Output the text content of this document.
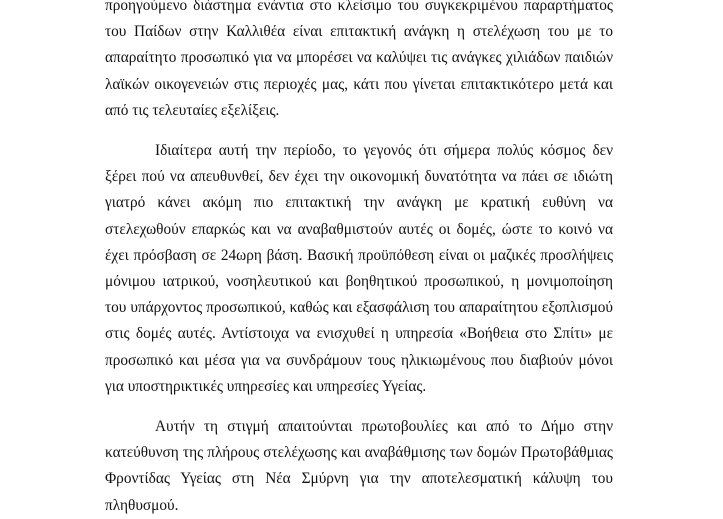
προηγούμενο διάστημα ενάντια στο κλείσιμο του συγκεκριμένου παραρτήματος του Παίδων στην Καλλιθέα είναι επιτακτική ανάγκη η στελέχωση του με το απαραίτητο προσωπικό για να μπορέσει να καλύψει τις ανάγκες χιλιάδων παιδιών λαϊκών οικογενειών στις περιοχές μας, κάτι που γίνεται επιτακτικότερο μετά και από τις τελευταίες εξελίξεις.

Ιδιαίτερα αυτή την περίοδο, το γεγονός ότι σήμερα πολύς κόσμος δεν ξέρει πού να απευθυνθεί, δεν έχει την οικονομική δυνατότητα να πάει σε ιδιώτη γιατρό κάνει ακόμη πιο επιτακτική την ανάγκη με κρατική ευθύνη να στελεχωθούν επαρκώς και να αναβαθμιστούν αυτές οι δομές, ώστε το κοινό να έχει πρόσβαση σε 24ωρη βάση. Βασική προϋπόθεση είναι οι μαζικές προσλήψεις μόνιμου ιατρικού, νοσηλευτικού και βοηθητικού προσωπικού, η μονιμοποίηση του υπάρχοντος προσωπικού, καθώς και εξασφάλιση του απαραίτητου εξοπλισμού στις δομές αυτές. Αντίστοιχα να ενισχυθεί η υπηρεσία «Βοήθεια στο Σπίτι» με προσωπικό και μέσα για να συνδράμουν τους ηλικιωμένους που διαβιούν μόνοι για υποστηρικτικές υπηρεσίες και υπηρεσίες Υγείας.

Αυτήν τη στιγμή απαιτούνται πρωτοβουλίες και από το Δήμο στην κατεύθυνση της πλήρους στελέχωσης και αναβάθμισης των δομών Πρωτοβάθμιας Φροντίδας Υγείας στη Νέα Σμύρνη για την αποτελεσματική κάλυψη του πληθυσμού.
